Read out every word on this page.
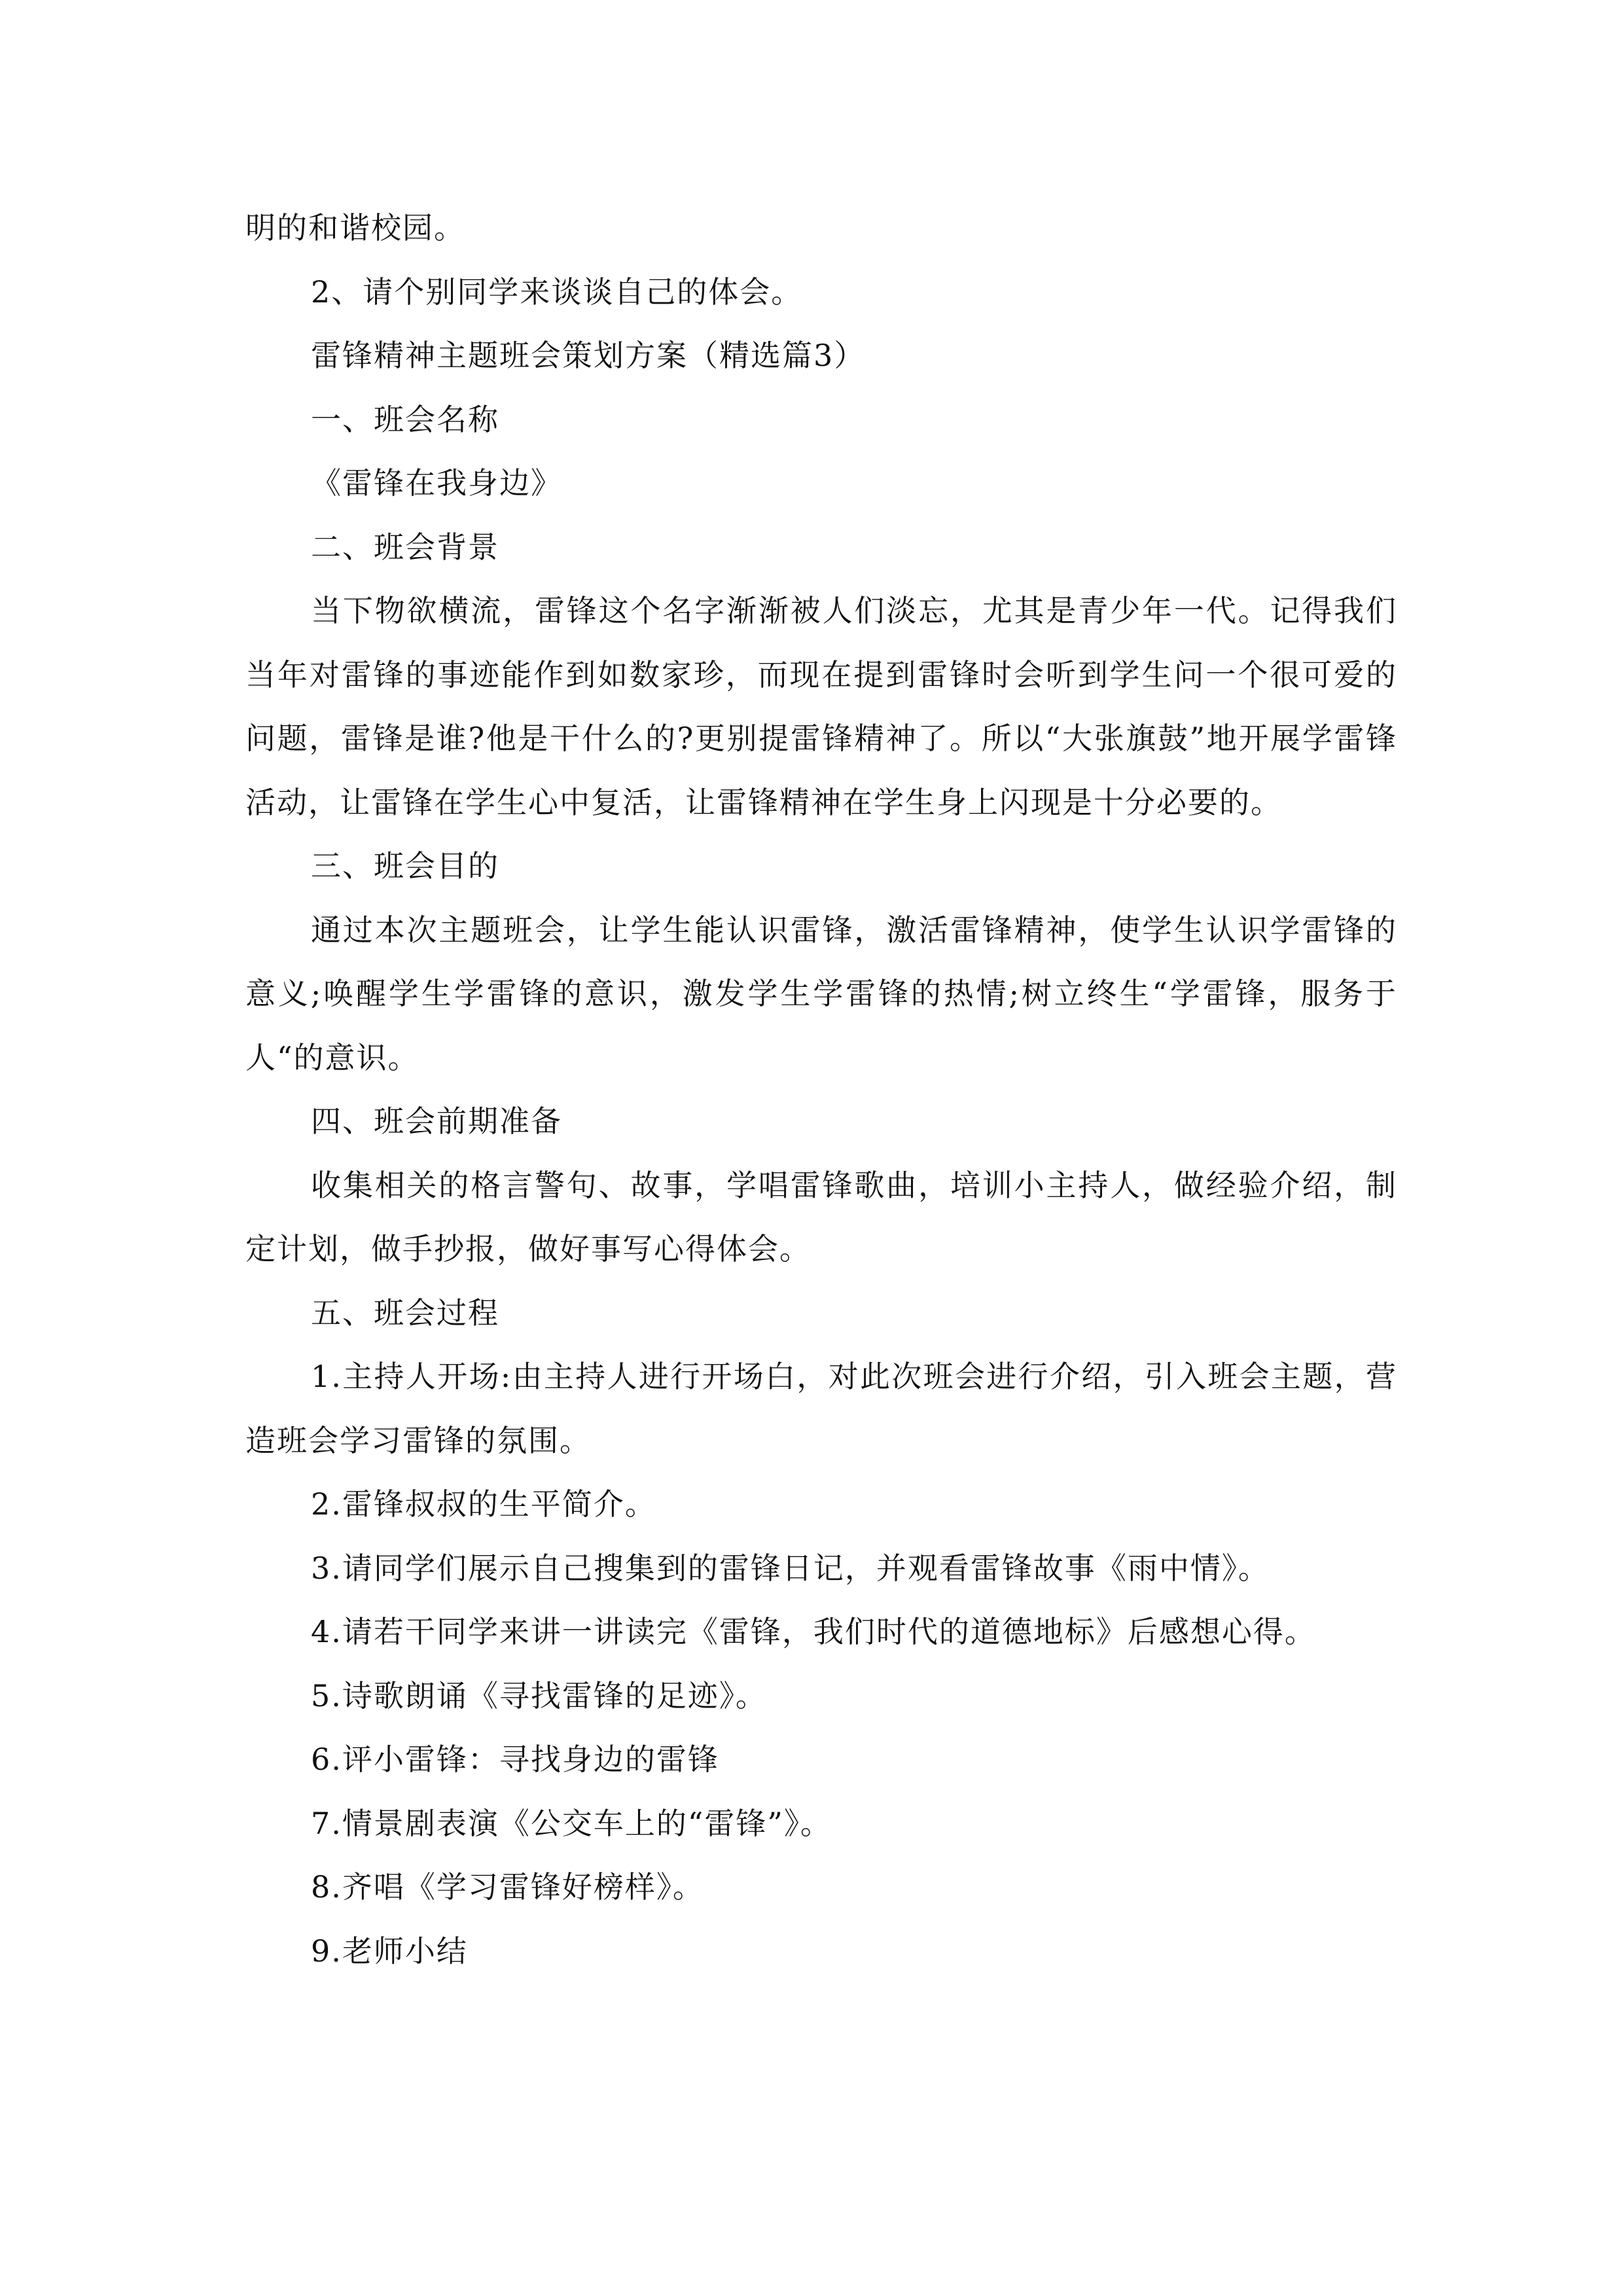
明的和谐校园。

2、请个别同学来谈谈自己的体会。

雷锋精神主题班会策划方案（精选篇3）

一、班会名称

《雷锋在我身边》

二、班会背景

当下物欲横流，雷锋这个名字渐渐被人们淡忘，尤其是青少年一代。记得我们当年对雷锋的事迹能作到如数家珍，而现在提到雷锋时会听到学生问一个很可爱的问题，雷锋是谁?他是干什么的?更别提雷锋精神了。所以“大张旗鼓”地开展学雷锋活动，让雷锋在学生心中复活，让雷锋精神在学生身上闪现是十分必要的。

三、班会目的

通过本次主题班会，让学生能认识雷锋，激活雷锋精神，使学生认识学雷锋的意义;唤醒学生学雷锋的意识，激发学生学雷锋的热情;树立终生“学雷锋，服务于人“的意识。

四、班会前期准备

收集相关的格言警句、故事，学唱雷锋歌曲，培训小主持人，做经验介绍，制定计划，做手抄报，做好事写心得体会。

五、班会过程

1.主持人开场:由主持人进行开场白，对此次班会进行介绍，引入班会主题，营造班会学习雷锋的氛围。

2.雷锋叔叔的生平简介。

3.请同学们展示自己搜集到的雷锋日记，并观看雷锋故事《雨中情》。

4.请若干同学来讲一讲读完《雷锋，我们时代的道德地标》后感想心得。

5.诗歌朗诵《寻找雷锋的足迹》。

6.评小雷锋：寻找身边的雷锋

7.情景剧表演《公交车上的“雷锋”》。

8.齐唱《学习雷锋好榜样》。

9.老师小结
